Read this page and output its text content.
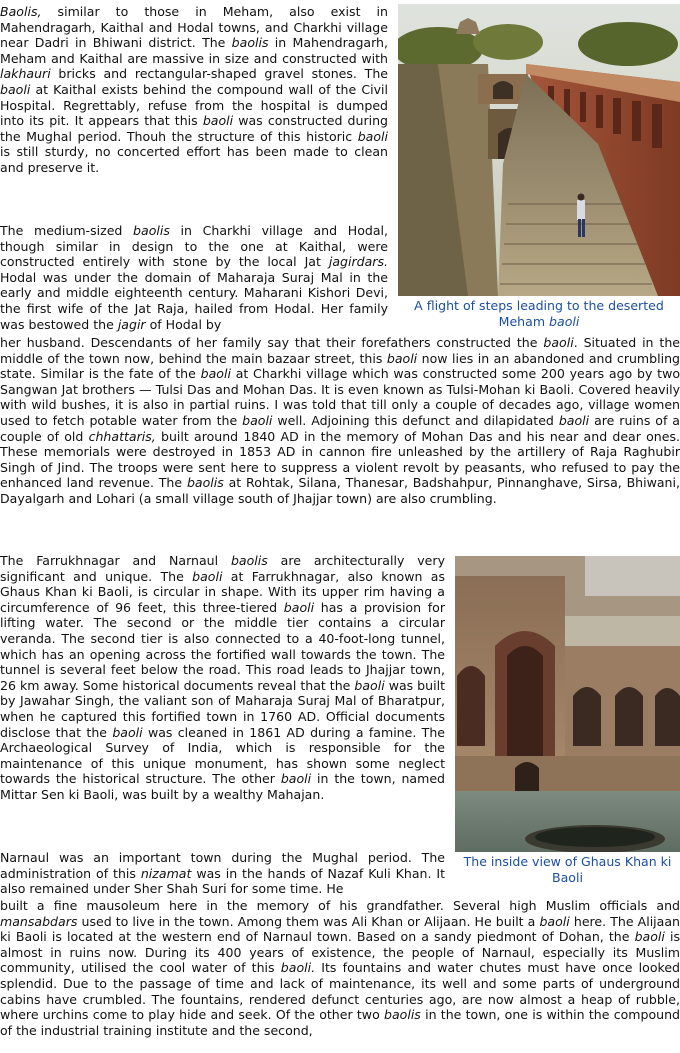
A flight of steps leading to the deserted Meham baoli
The inside view of Ghaus Khan ki Baoli

Baolis, similar to those in Meham, also exist in Mahendragarh, Kaithal and Hodal towns, and Charkhi village near Dadri in Bhiwani district. The baolis in Mahendragarh, Meham and Kaithal are massive in size and constructed with lakhauri bricks and rectangular-shaped gravel stones. The baoli at Kaithal exists behind the compound wall of the Civil Hospital. Regrettably, refuse from the hospital is dumped into its pit. It appears that this baoli was constructed during the Mughal period. Thouh the structure of this historic baoli is still sturdy, no concerted effort has been made to clean and preserve it.

The medium-sized baolis in Charkhi village and Hodal, though similar in design to the one at Kaithal, were constructed entirely with stone by the local Jat jagirdars. Hodal was under the domain of Maharaja Suraj Mal in the early and middle eighteenth century. Maharani Kishori Devi, the first wife of the Jat Raja, hailed from Hodal. Her family was bestowed the jagir of Hodal by

her husband. Descendants of her family say that their forefathers constructed the baoli. Situated in the middle of the town now, behind the main bazaar street, this baoli now lies in an abandoned and crumbling state. Similar is the fate of the baoli at Charkhi village which was constructed some 200 years ago by two Sangwan Jat brothers — Tulsi Das and Mohan Das. It is even known as Tulsi-Mohan ki Baoli. Covered heavily with wild bushes, it is also in partial ruins. I was told that till only a couple of decades ago, village women used to fetch potable water from the baoli well. Adjoining this defunct and dilapidated baoli are ruins of a couple of old chhattaris, built around 1840 AD in the memory of Mohan Das and his near and dear ones. These memorials were destroyed in 1853 AD in cannon fire unleashed by the artillery of Raja Raghubir Singh of Jind. The troops were sent here to suppress a violent revolt by peasants, who refused to pay the enhanced land revenue. The baolis at Rohtak, Silana, Thanesar, Badshahpur, Pinnanghave, Sirsa, Bhiwani, Dayalgarh and Lohari (a small village south of Jhajjar town) are also crumbling.

The Farrukhnagar and Narnaul baolis are architecturally very significant and unique. The baoli at Farrukhnagar, also known as Ghaus Khan ki Baoli, is circular in shape. With its upper rim having a circumference of 96 feet, this three-tiered baoli has a provision for lifting water. The second or the middle tier contains a circular veranda. The second tier is also connected to a 40-foot-long tunnel, which has an opening across the fortified wall towards the town. The tunnel is several feet below the road. This road leads to Jhajjar town, 26 km away. Some historical documents reveal that the baoli was built by Jawahar Singh, the valiant son of Maharaja Suraj Mal of Bharatpur, when he captured this fortified town in 1760 AD. Official documents disclose that the baoli was cleaned in 1861 AD during a famine. The Archaeological Survey of India, which is responsible for the maintenance of this unique monument, has shown some neglect towards the historical structure. The other baoli in the town, named Mittar Sen ki Baoli, was built by a wealthy Mahajan.

Narnaul was an important town during the Mughal period. The administration of this nizamat was in the hands of Nazaf Kuli Khan. It also remained under Sher Shah Suri for some time. He

built a fine mausoleum here in the memory of his grandfather. Several high Muslim officials and mansabdars used to live in the town. Among them was Ali Khan or Alijaan. He built a baoli here. The Alijaan ki Baoli is located at the western end of Narnaul town. Based on a sandy piedmont of Dohan, the baoli is almost in ruins now. During its 400 years of existence, the people of Narnaul, especially its Muslim community, utilised the cool water of this baoli. Its fountains and water chutes must have once looked splendid. Due to the passage of time and lack of maintenance, its well and some parts of underground cabins have crumbled. The fountains, rendered defunct centuries ago, are now almost a heap of rubble, where urchins come to play hide and seek. Of the other two baolis in the town, one is within the compound of the industrial training institute and the second,
